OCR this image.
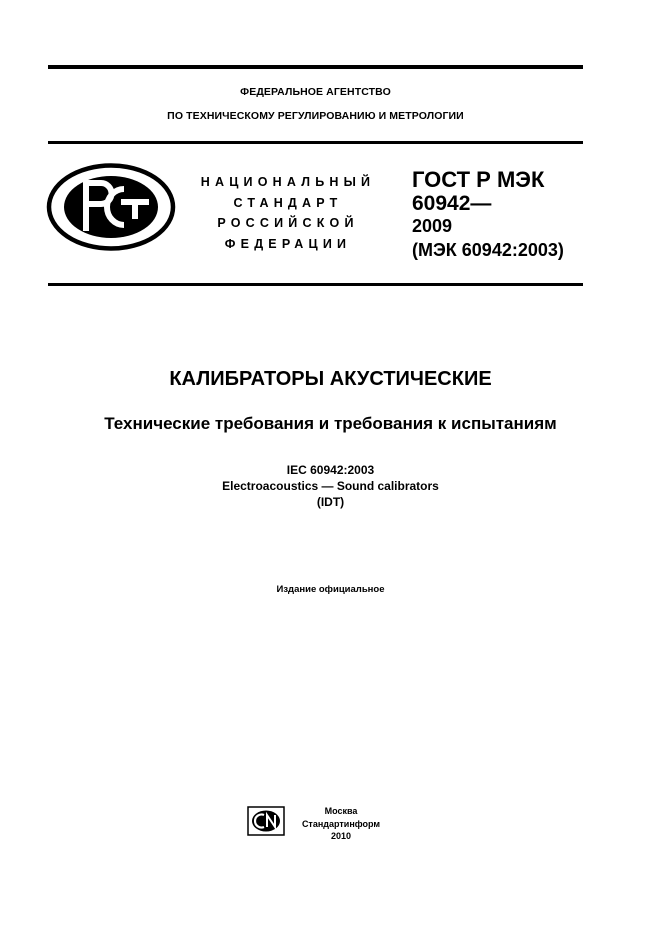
ФЕДЕРАЛЬНОЕ АГЕНТСТВО
ПО ТЕХНИЧЕСКОМУ РЕГУЛИРОВАНИЮ И МЕТРОЛОГИИ
НАЦИОНАЛЬНЫЙ
СТАНДАРТ
РОССИЙСКОЙ
ФЕДЕРАЦИИ
ГОСТ Р МЭК
60942—
2009
(МЭК 60942:2003)
КАЛИБРАТОРЫ АКУСТИЧЕСКИЕ
Технические требования и требования к испытаниям
IEC 60942:2003
Electroacoustics — Sound calibrators
(IDT)
Издание официальное
Москва
Стандартинформ
2010
